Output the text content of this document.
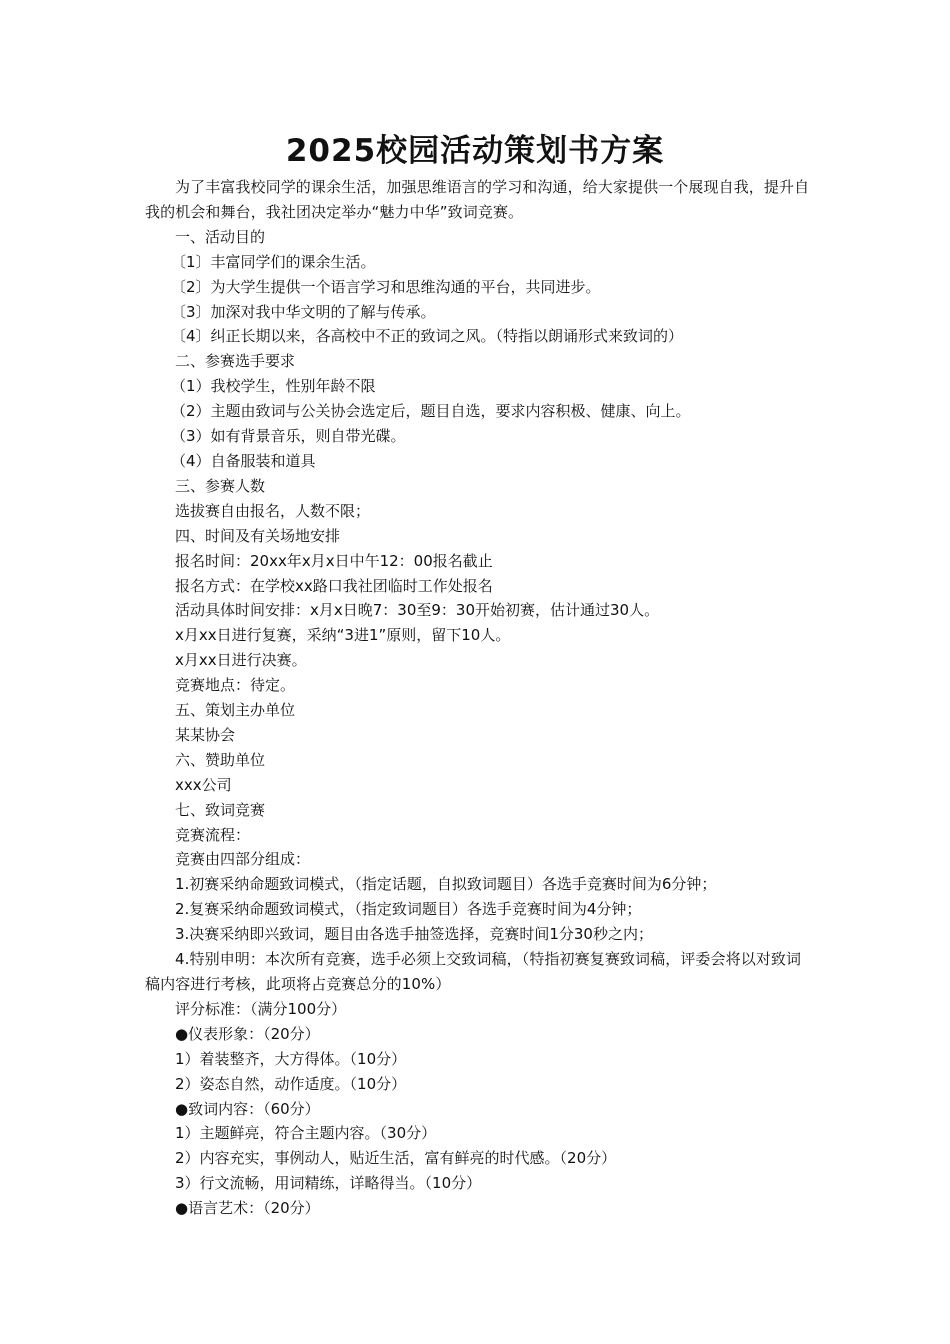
2025校园活动策划书方案
为了丰富我校同学的课余生活，加强思维语言的学习和沟通，给大家提供一个展现自我，提升自我的机会和舞台，我社团决定举办“魅力中华”致词竞赛。
一、活动目的
〔1〕丰富同学们的课余生活。
〔2〕为大学生提供一个语言学习和思维沟通的平台，共同进步。
〔3〕加深对我中华文明的了解与传承。
〔4〕纠正长期以来，各高校中不正的致词之风。（特指以朗诵形式来致词的）
二、参赛选手要求
（1）我校学生，性别年龄不限
（2）主题由致词与公关协会选定后，题目自选，要求内容积极、健康、向上。
（3）如有背景音乐，则自带光碟。
（4）自备服装和道具
三、参赛人数
选拔赛自由报名，人数不限；
四、时间及有关场地安排
报名时间：20xx年x月x日中午12：00报名截止
报名方式：在学校xx路口我社团临时工作处报名
活动具体时间安排：x月x日晚7：30至9：30开始初赛，估计通过30人。
x月xx日进行复赛，采纳“3进1”原则，留下10人。
x月xx日进行决赛。
竞赛地点：待定。
五、策划主办单位
某某协会
六、赞助单位
xxx公司
七、致词竞赛
竞赛流程：
竞赛由四部分组成：
1.初赛采纳命题致词模式，（指定话题，自拟致词题目）各选手竞赛时间为6分钟；
2.复赛采纳命题致词模式，（指定致词题目）各选手竞赛时间为4分钟；
3.决赛采纳即兴致词，题目由各选手抽签选择，竞赛时间1分30秒之内；
4.特别申明：本次所有竞赛，选手必须上交致词稿，（特指初赛复赛致词稿，评委会将以对致词稿内容进行考核，此项将占竞赛总分的10%）
评分标准：（满分100分）
●仪表形象：（20分）
1）着装整齐，大方得体。（10分）
2）姿态自然，动作适度。（10分）
●致词内容：（60分）
1）主题鲜亮，符合主题内容。（30分）
2）内容充实，事例动人，贴近生活，富有鲜亮的时代感。（20分）
3）行文流畅，用词精练，详略得当。（10分）
●语言艺术：（20分）
